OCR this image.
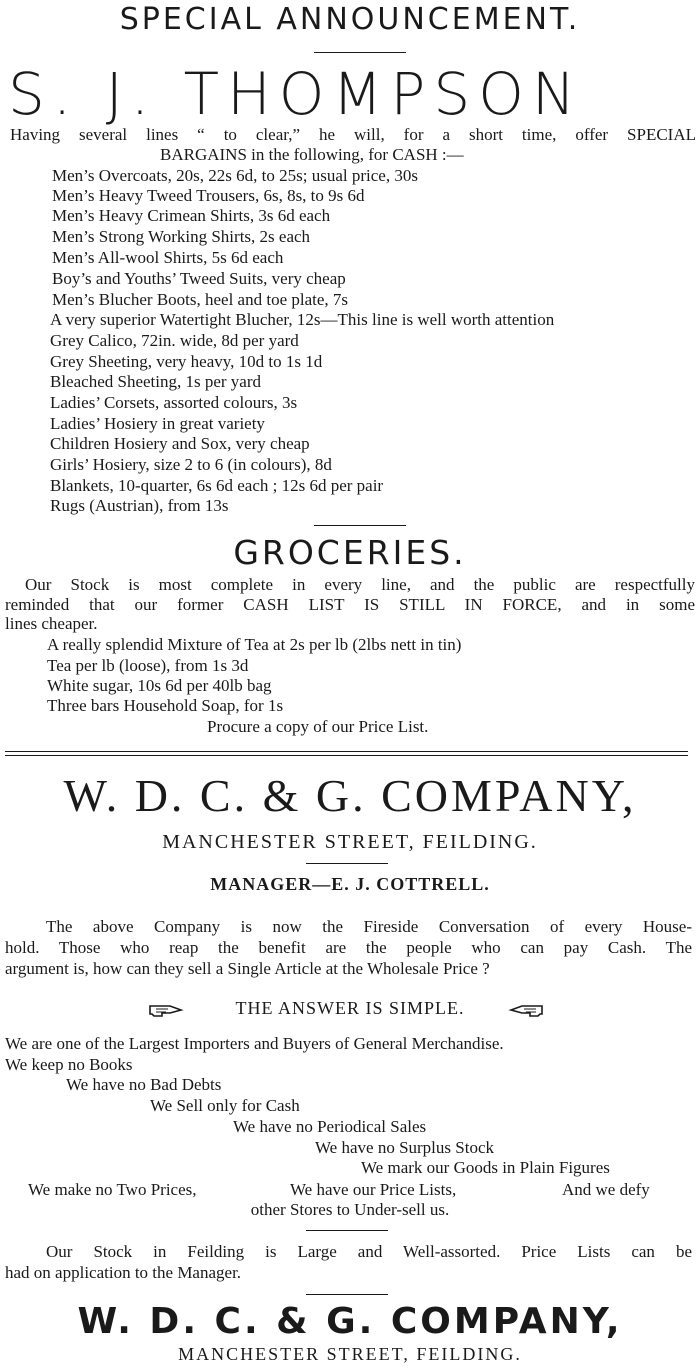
SPECIAL ANNOUNCEMENT.
S. J. THOMPSON
Having several lines “ to clear,” he will, for a short time, offer SPECIAL
BARGAINS in the following, for CASH :—
Men’s Overcoats, 20s, 22s 6d, to 25s; usual price, 30s
Men’s Heavy Tweed Trousers, 6s, 8s, to 9s 6d
Men’s Heavy Crimean Shirts, 3s 6d each
Men’s Strong Working Shirts, 2s each
Men’s All-wool Shirts, 5s 6d each
Boy’s and Youths’ Tweed Suits, very cheap
Men’s Blucher Boots, heel and toe plate, 7s
A very superior Watertight Blucher, 12s—This line is well worth attention
Grey Calico, 72in. wide, 8d per yard
Grey Sheeting, very heavy, 10d to 1s 1d
Bleached Sheeting, 1s per yard
Ladies’ Corsets, assorted colours, 3s
Ladies’ Hosiery in great variety
Children Hosiery and Sox, very cheap
Girls’ Hosiery, size 2 to 6 (in colours), 8d
Blankets, 10-quarter, 6s 6d each ; 12s 6d per pair
Rugs (Austrian), from 13s
GROCERIES.
Our Stock is most complete in every line, and the public are respectfully
reminded that our former CASH LIST IS STILL IN FORCE, and in some
lines cheaper.
A really splendid Mixture of Tea at 2s per lb (2lbs nett in tin)
Tea per lb (loose), from 1s 3d
White sugar, 10s 6d per 40lb bag
Three bars Household Soap, for 1s
Procure a copy of our Price List.
W. D. C. & G. COMPANY,
MANCHESTER STREET, FEILDING.
MANAGER—E. J. COTTRELL.
The above Company is now the Fireside Conversation of every House-
hold. Those who reap the benefit are the people who can pay Cash. The
argument is, how can they sell a Single Article at the Wholesale Price ?
THE ANSWER IS SIMPLE.
We are one of the Largest Importers and Buyers of General Merchandise.
We keep no Books
We have no Bad Debts
We Sell only for Cash
We have no Periodical Sales
We have no Surplus Stock
We mark our Goods in Plain Figures
We make no Two Prices,	We have our Price Lists,	And we defy
other Stores to Under-sell us.
Our Stock in Feilding is Large and Well-assorted. Price Lists can be
had on application to the Manager.
W. D. C. & G. COMPANY,
MANCHESTER STREET, FEILDING.
